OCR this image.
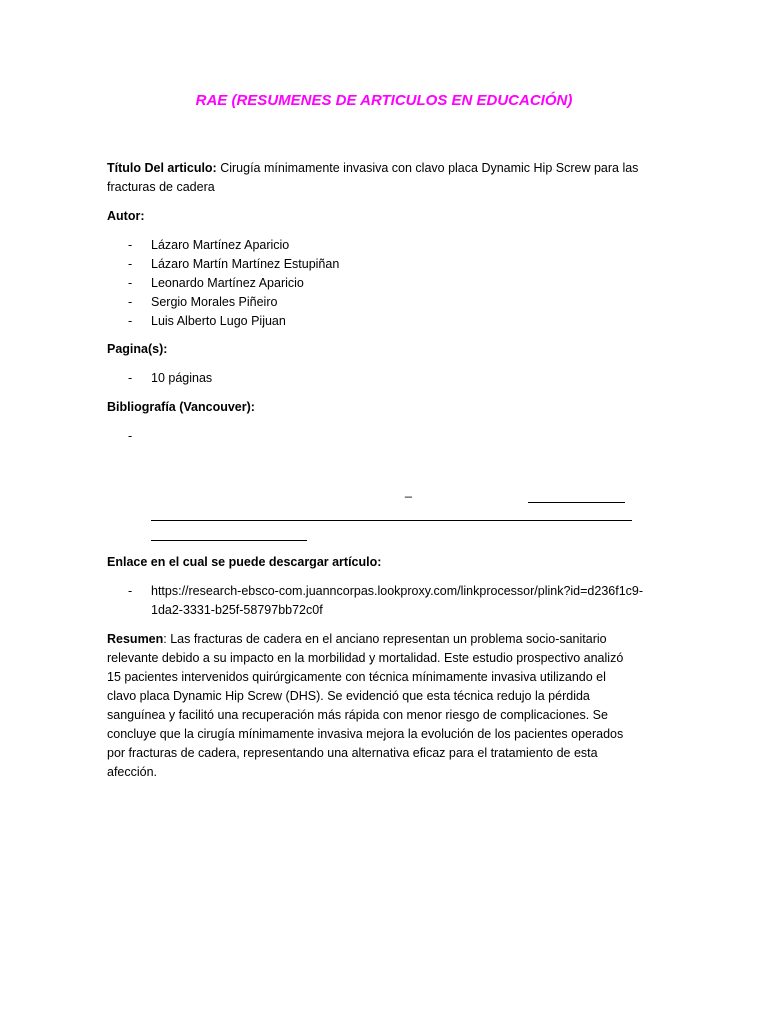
RAE (RESUMENES DE ARTICULOS EN EDUCACIÓN)
Título Del articulo: Cirugía mínimamente invasiva con clavo placa Dynamic Hip Screw para las fracturas de cadera
Autor:
- Lázaro Martínez Aparicio
- Lázaro Martín Martínez Estupiñan
- Leonardo Martínez Aparicio
- Sergio Morales Piñeiro
- Luis Alberto Lugo Pijuan
Pagina(s):
- 10 páginas
Bibliografía (Vancouver):
-
_
Enlace en el cual se puede descargar artículo:
- https://research-ebsco-com.juanncorpas.lookproxy.com/linkprocessor/plink?id=d236f1c9-1da2-3331-b25f-58797bb72c0f
Resumen: Las fracturas de cadera en el anciano representan un problema socio-sanitario relevante debido a su impacto en la morbilidad y mortalidad. Este estudio prospectivo analizó 15 pacientes intervenidos quirúrgicamente con técnica mínimamente invasiva utilizando el clavo placa Dynamic Hip Screw (DHS). Se evidenció que esta técnica redujo la pérdida sanguínea y facilitó una recuperación más rápida con menor riesgo de complicaciones. Se concluye que la cirugía mínimamente invasiva mejora la evolución de los pacientes operados por fracturas de cadera, representando una alternativa eficaz para el tratamiento de esta afección.
